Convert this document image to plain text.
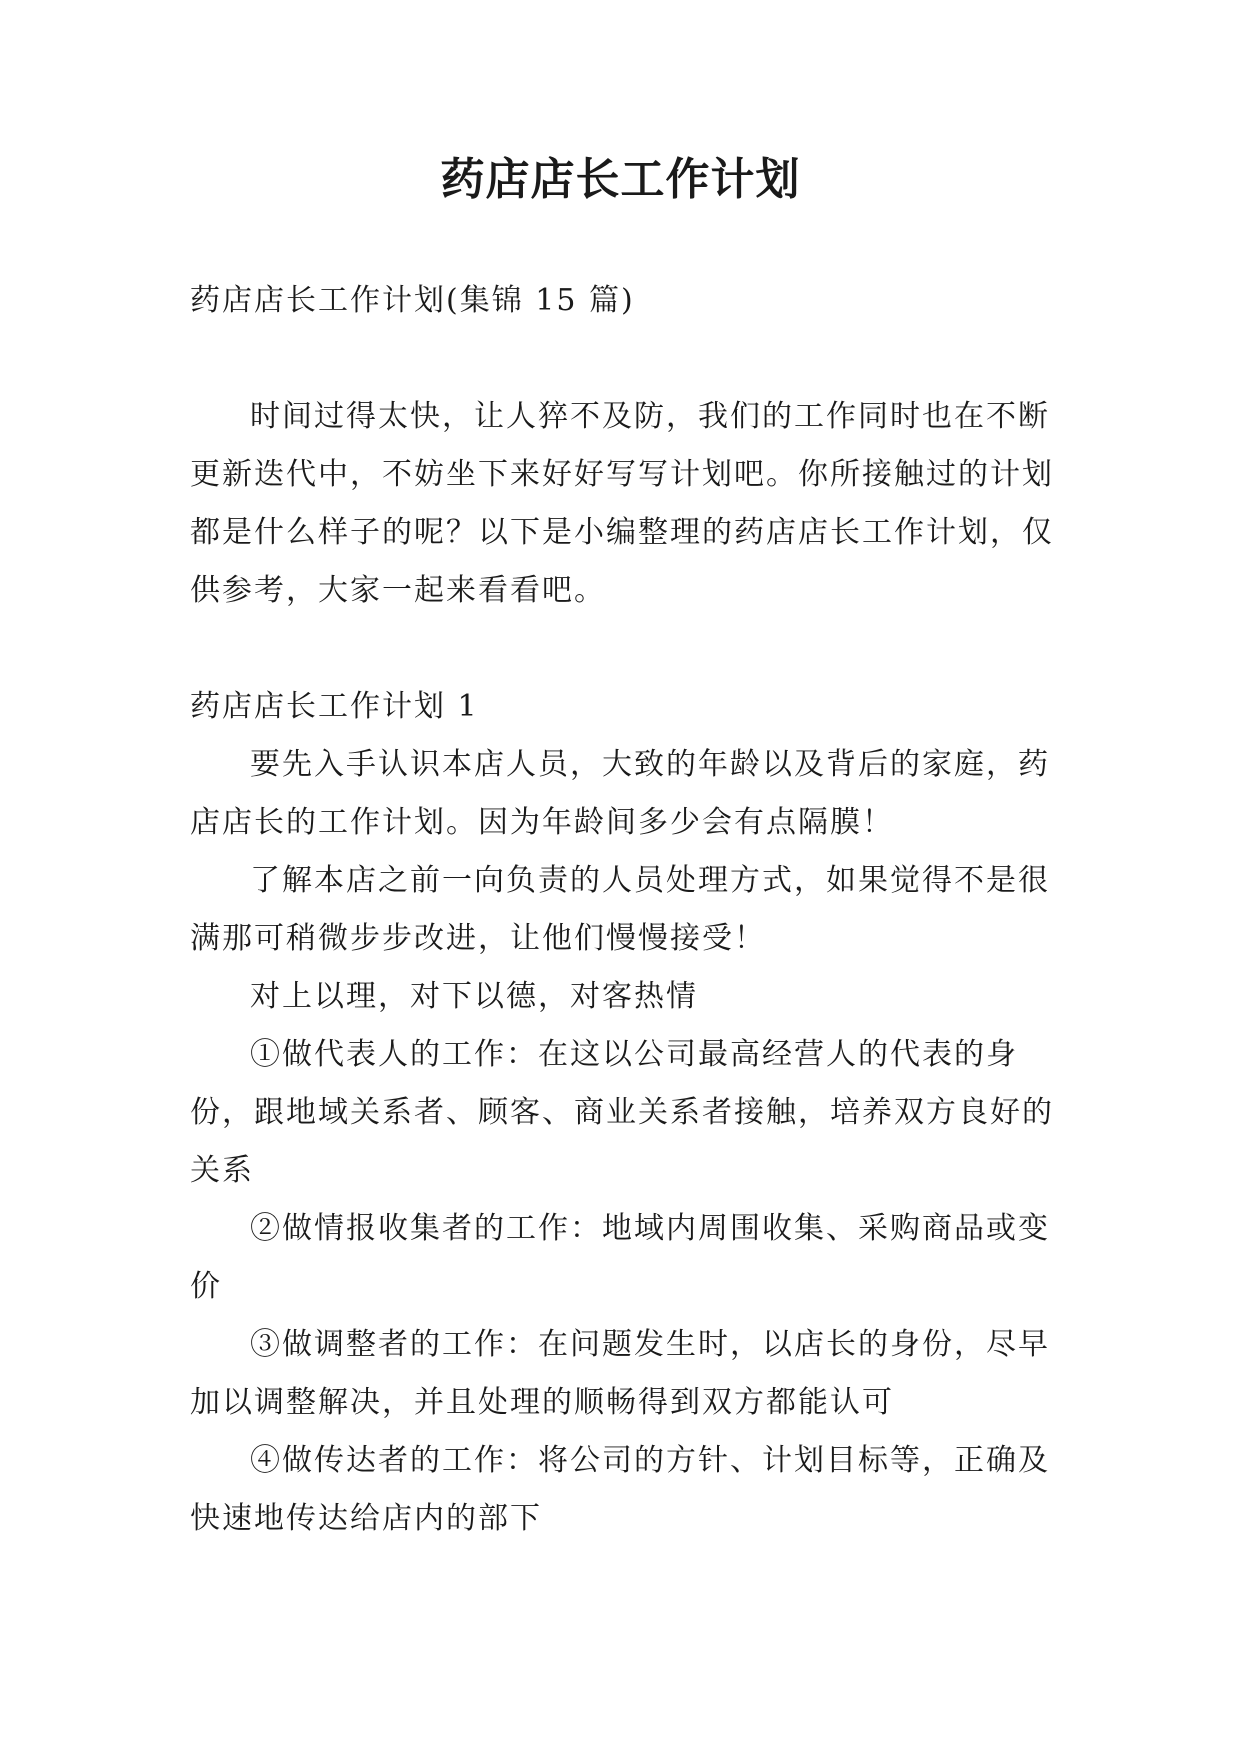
药店店长工作计划

药店店长工作计划(集锦 15 篇)

时间过得太快，让人猝不及防，我们的工作同时也在不断更新迭代中，不妨坐下来好好写写计划吧。你所接触过的计划都是什么样子的呢？以下是小编整理的药店店长工作计划，仅供参考，大家一起来看看吧。

药店店长工作计划 1

要先入手认识本店人员，大致的年龄以及背后的家庭，药店店长的工作计划。因为年龄间多少会有点隔膜！

了解本店之前一向负责的人员处理方式，如果觉得不是很满那可稍微步步改进，让他们慢慢接受！

对上以理，对下以德，对客热情

①做代表人的工作：在这以公司最高经营人的代表的身份，跟地域关系者、顾客、商业关系者接触，培养双方良好的关系

②做情报收集者的工作：地域内周围收集、采购商品或变价

③做调整者的工作：在问题发生时，以店长的身份，尽早加以调整解决，并且处理的顺畅得到双方都能认可

④做传达者的工作：将公司的方针、计划目标等，正确及快速地传达给店内的部下
